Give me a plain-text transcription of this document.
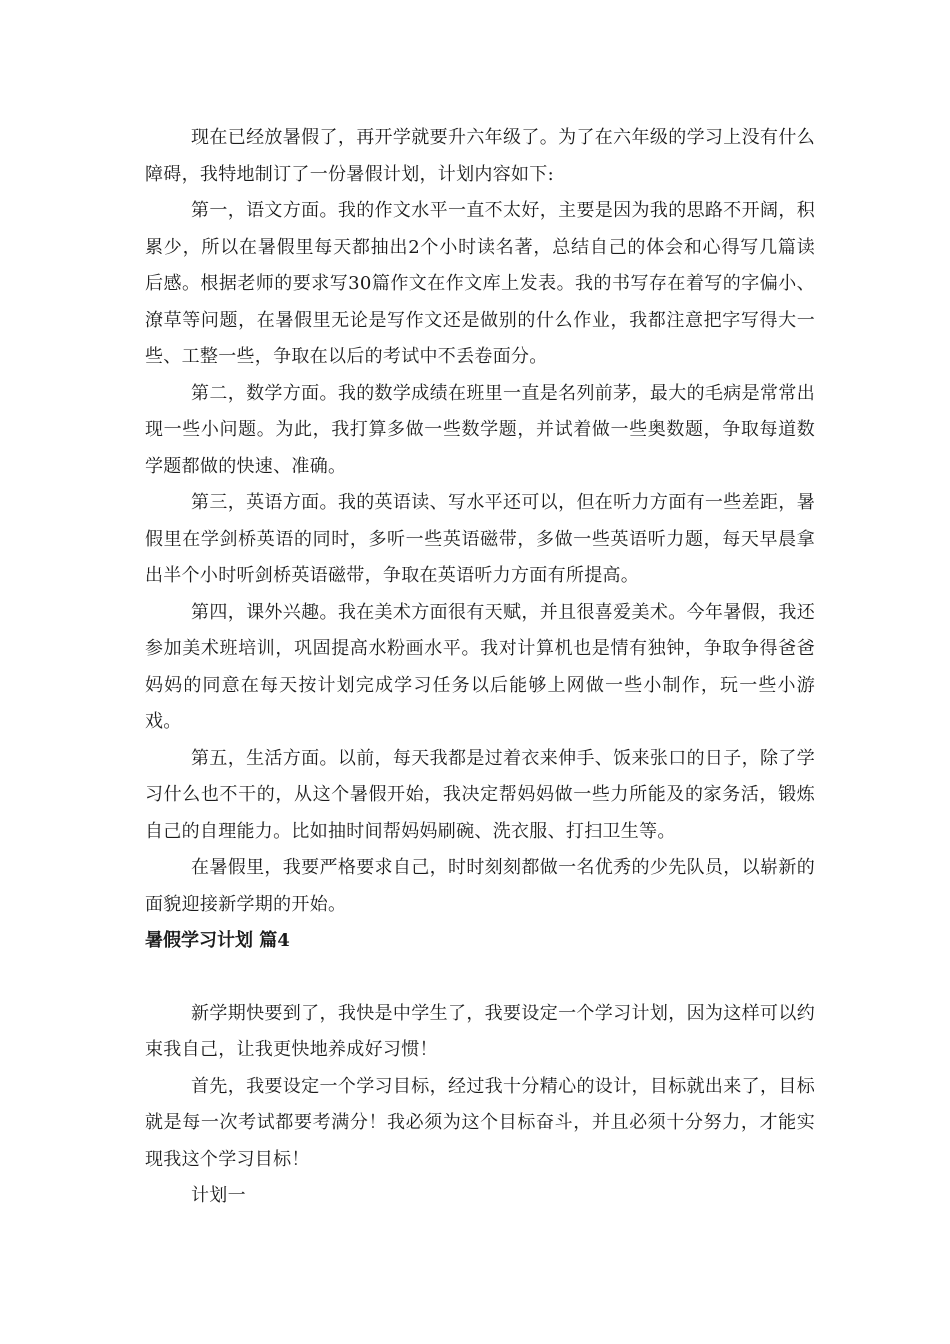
现在已经放暑假了，再开学就要升六年级了。为了在六年级的学习上没有什么障碍，我特地制订了一份暑假计划，计划内容如下:

第一，语文方面。我的作文水平一直不太好，主要是因为我的思路不开阔，积累少，所以在暑假里每天都抽出2个小时读名著，总结自己的体会和心得写几篇读后感。根据老师的要求写30篇作文在作文库上发表。我的书写存在着写的字偏小、潦草等问题，在暑假里无论是写作文还是做别的什么作业，我都注意把字写得大一些、工整一些，争取在以后的考试中不丢卷面分。

第二，数学方面。我的数学成绩在班里一直是名列前茅，最大的毛病是常常出现一些小问题。为此，我打算多做一些数学题，并试着做一些奥数题，争取每道数学题都做的快速、准确。

第三，英语方面。我的英语读、写水平还可以，但在听力方面有一些差距，暑假里在学剑桥英语的同时，多听一些英语磁带，多做一些英语听力题，每天早晨拿出半个小时听剑桥英语磁带，争取在英语听力方面有所提高。

第四，课外兴趣。我在美术方面很有天赋，并且很喜爱美术。今年暑假，我还参加美术班培训，巩固提高水粉画水平。我对计算机也是情有独钟，争取争得爸爸妈妈的同意在每天按计划完成学习任务以后能够上网做一些小制作，玩一些小游戏。

第五，生活方面。以前，每天我都是过着衣来伸手、饭来张口的日子，除了学习什么也不干的，从这个暑假开始，我决定帮妈妈做一些力所能及的家务活，锻炼自己的自理能力。比如抽时间帮妈妈刷碗、洗衣服、打扫卫生等。

在暑假里，我要严格要求自己，时时刻刻都做一名优秀的少先队员，以崭新的面貌迎接新学期的开始。

暑假学习计划 篇4

新学期快要到了，我快是中学生了，我要设定一个学习计划，因为这样可以约束我自己，让我更快地养成好习惯！

首先，我要设定一个学习目标，经过我十分精心的设计，目标就出来了，目标就是每一次考试都要考满分！我必须为这个目标奋斗，并且必须十分努力，才能实现我这个学习目标！

计划一
